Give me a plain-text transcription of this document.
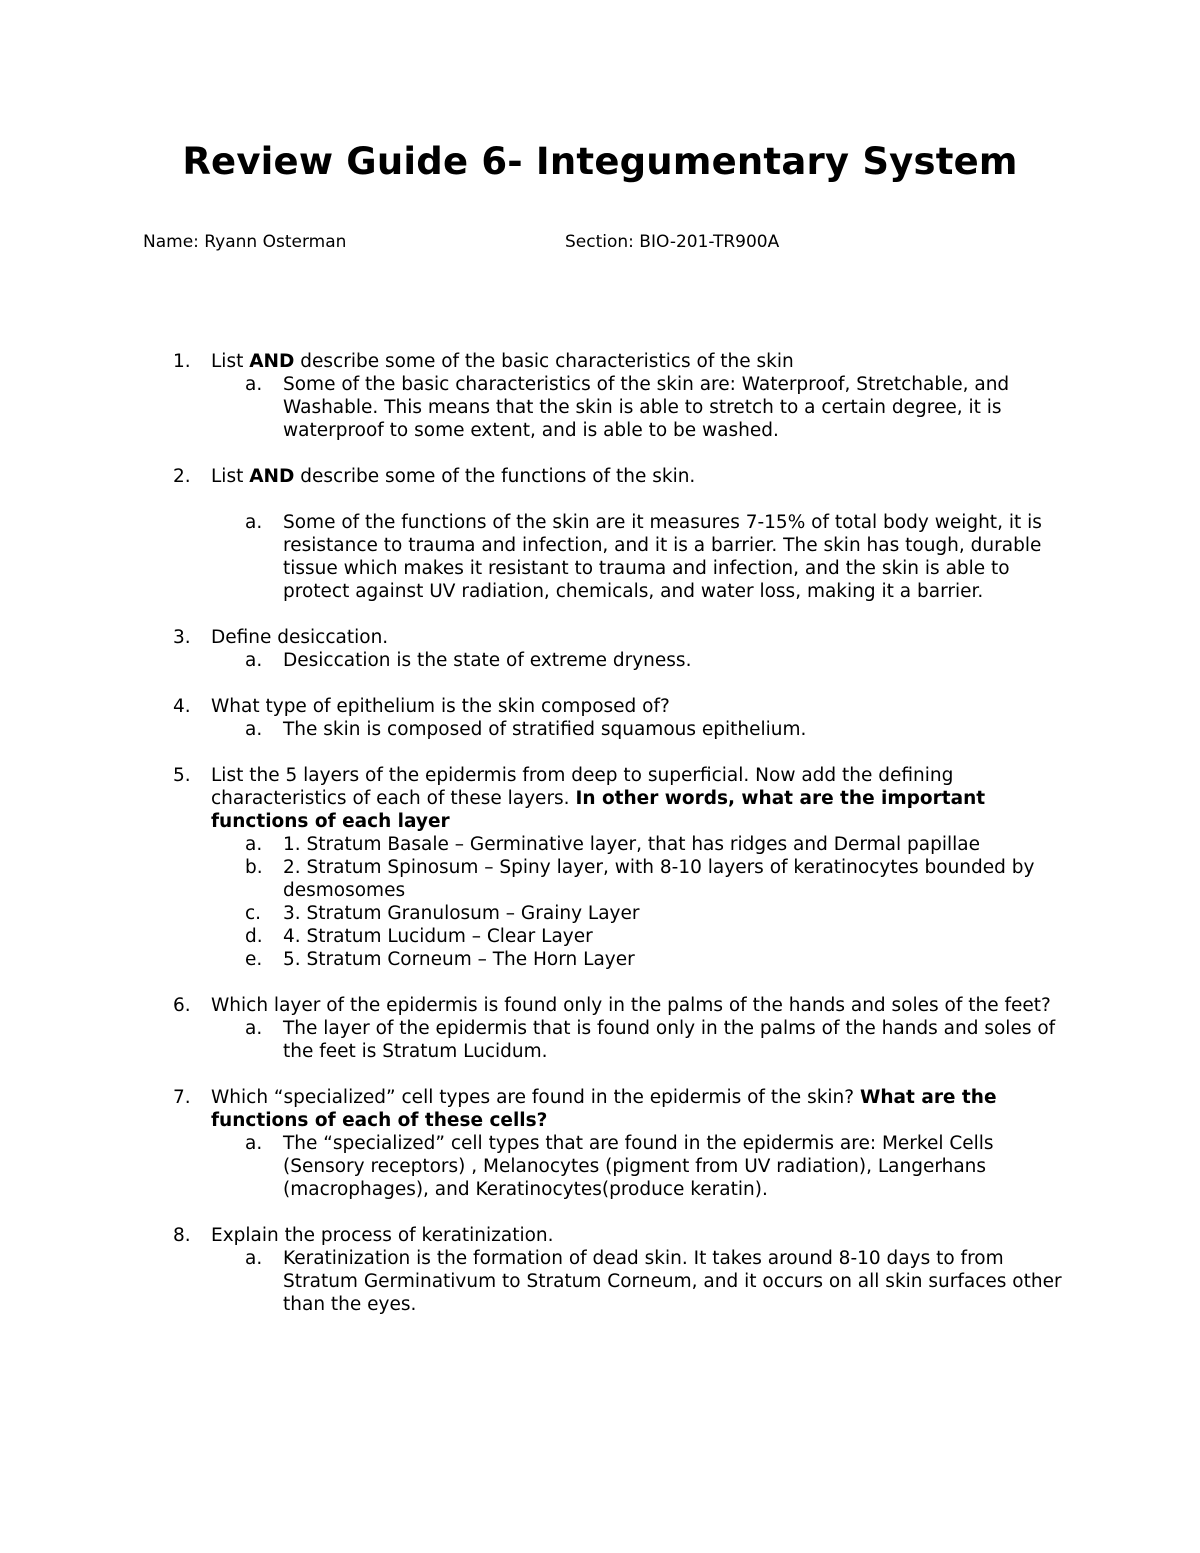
Review Guide 6- Integumentary System
Name: Ryann Osterman	Section: BIO-201-TR900A
1. List AND describe some of the basic characteristics of the skin
a. Some of the basic characteristics of the skin are: Waterproof, Stretchable, and Washable. This means that the skin is able to stretch to a certain degree, it is waterproof to some extent, and is able to be washed.
2. List AND describe some of the functions of the skin.
a. Some of the functions of the skin are it measures 7-15% of total body weight, it is resistance to trauma and infection, and it is a barrier. The skin has tough, durable tissue which makes it resistant to trauma and infection, and the skin is able to protect against UV radiation, chemicals, and water loss, making it a barrier.
3. Define desiccation.
a. Desiccation is the state of extreme dryness.
4. What type of epithelium is the skin composed of?
a. The skin is composed of stratified squamous epithelium.
5. List the 5 layers of the epidermis from deep to superficial. Now add the defining characteristics of each of these layers. In other words, what are the important functions of each layer
a. 1. Stratum Basale – Germinative layer, that has ridges and Dermal papillae
b. 2. Stratum Spinosum – Spiny layer, with 8-10 layers of keratinocytes bounded by desmosomes
c. 3. Stratum Granulosum – Grainy Layer
d. 4. Stratum Lucidum – Clear Layer
e. 5. Stratum Corneum – The Horn Layer
6. Which layer of the epidermis is found only in the palms of the hands and soles of the feet?
a. The layer of the epidermis that is found only in the palms of the hands and soles of the feet is Stratum Lucidum.
7. Which “specialized” cell types are found in the epidermis of the skin? What are the functions of each of these cells?
a. The “specialized” cell types that are found in the epidermis are: Merkel Cells (Sensory receptors) , Melanocytes (pigment from UV radiation), Langerhans (macrophages), and Keratinocytes(produce keratin).
8. Explain the process of keratinization.
a. Keratinization is the formation of dead skin. It takes around 8-10 days to from Stratum Germinativum to Stratum Corneum, and it occurs on all skin surfaces other than the eyes.
